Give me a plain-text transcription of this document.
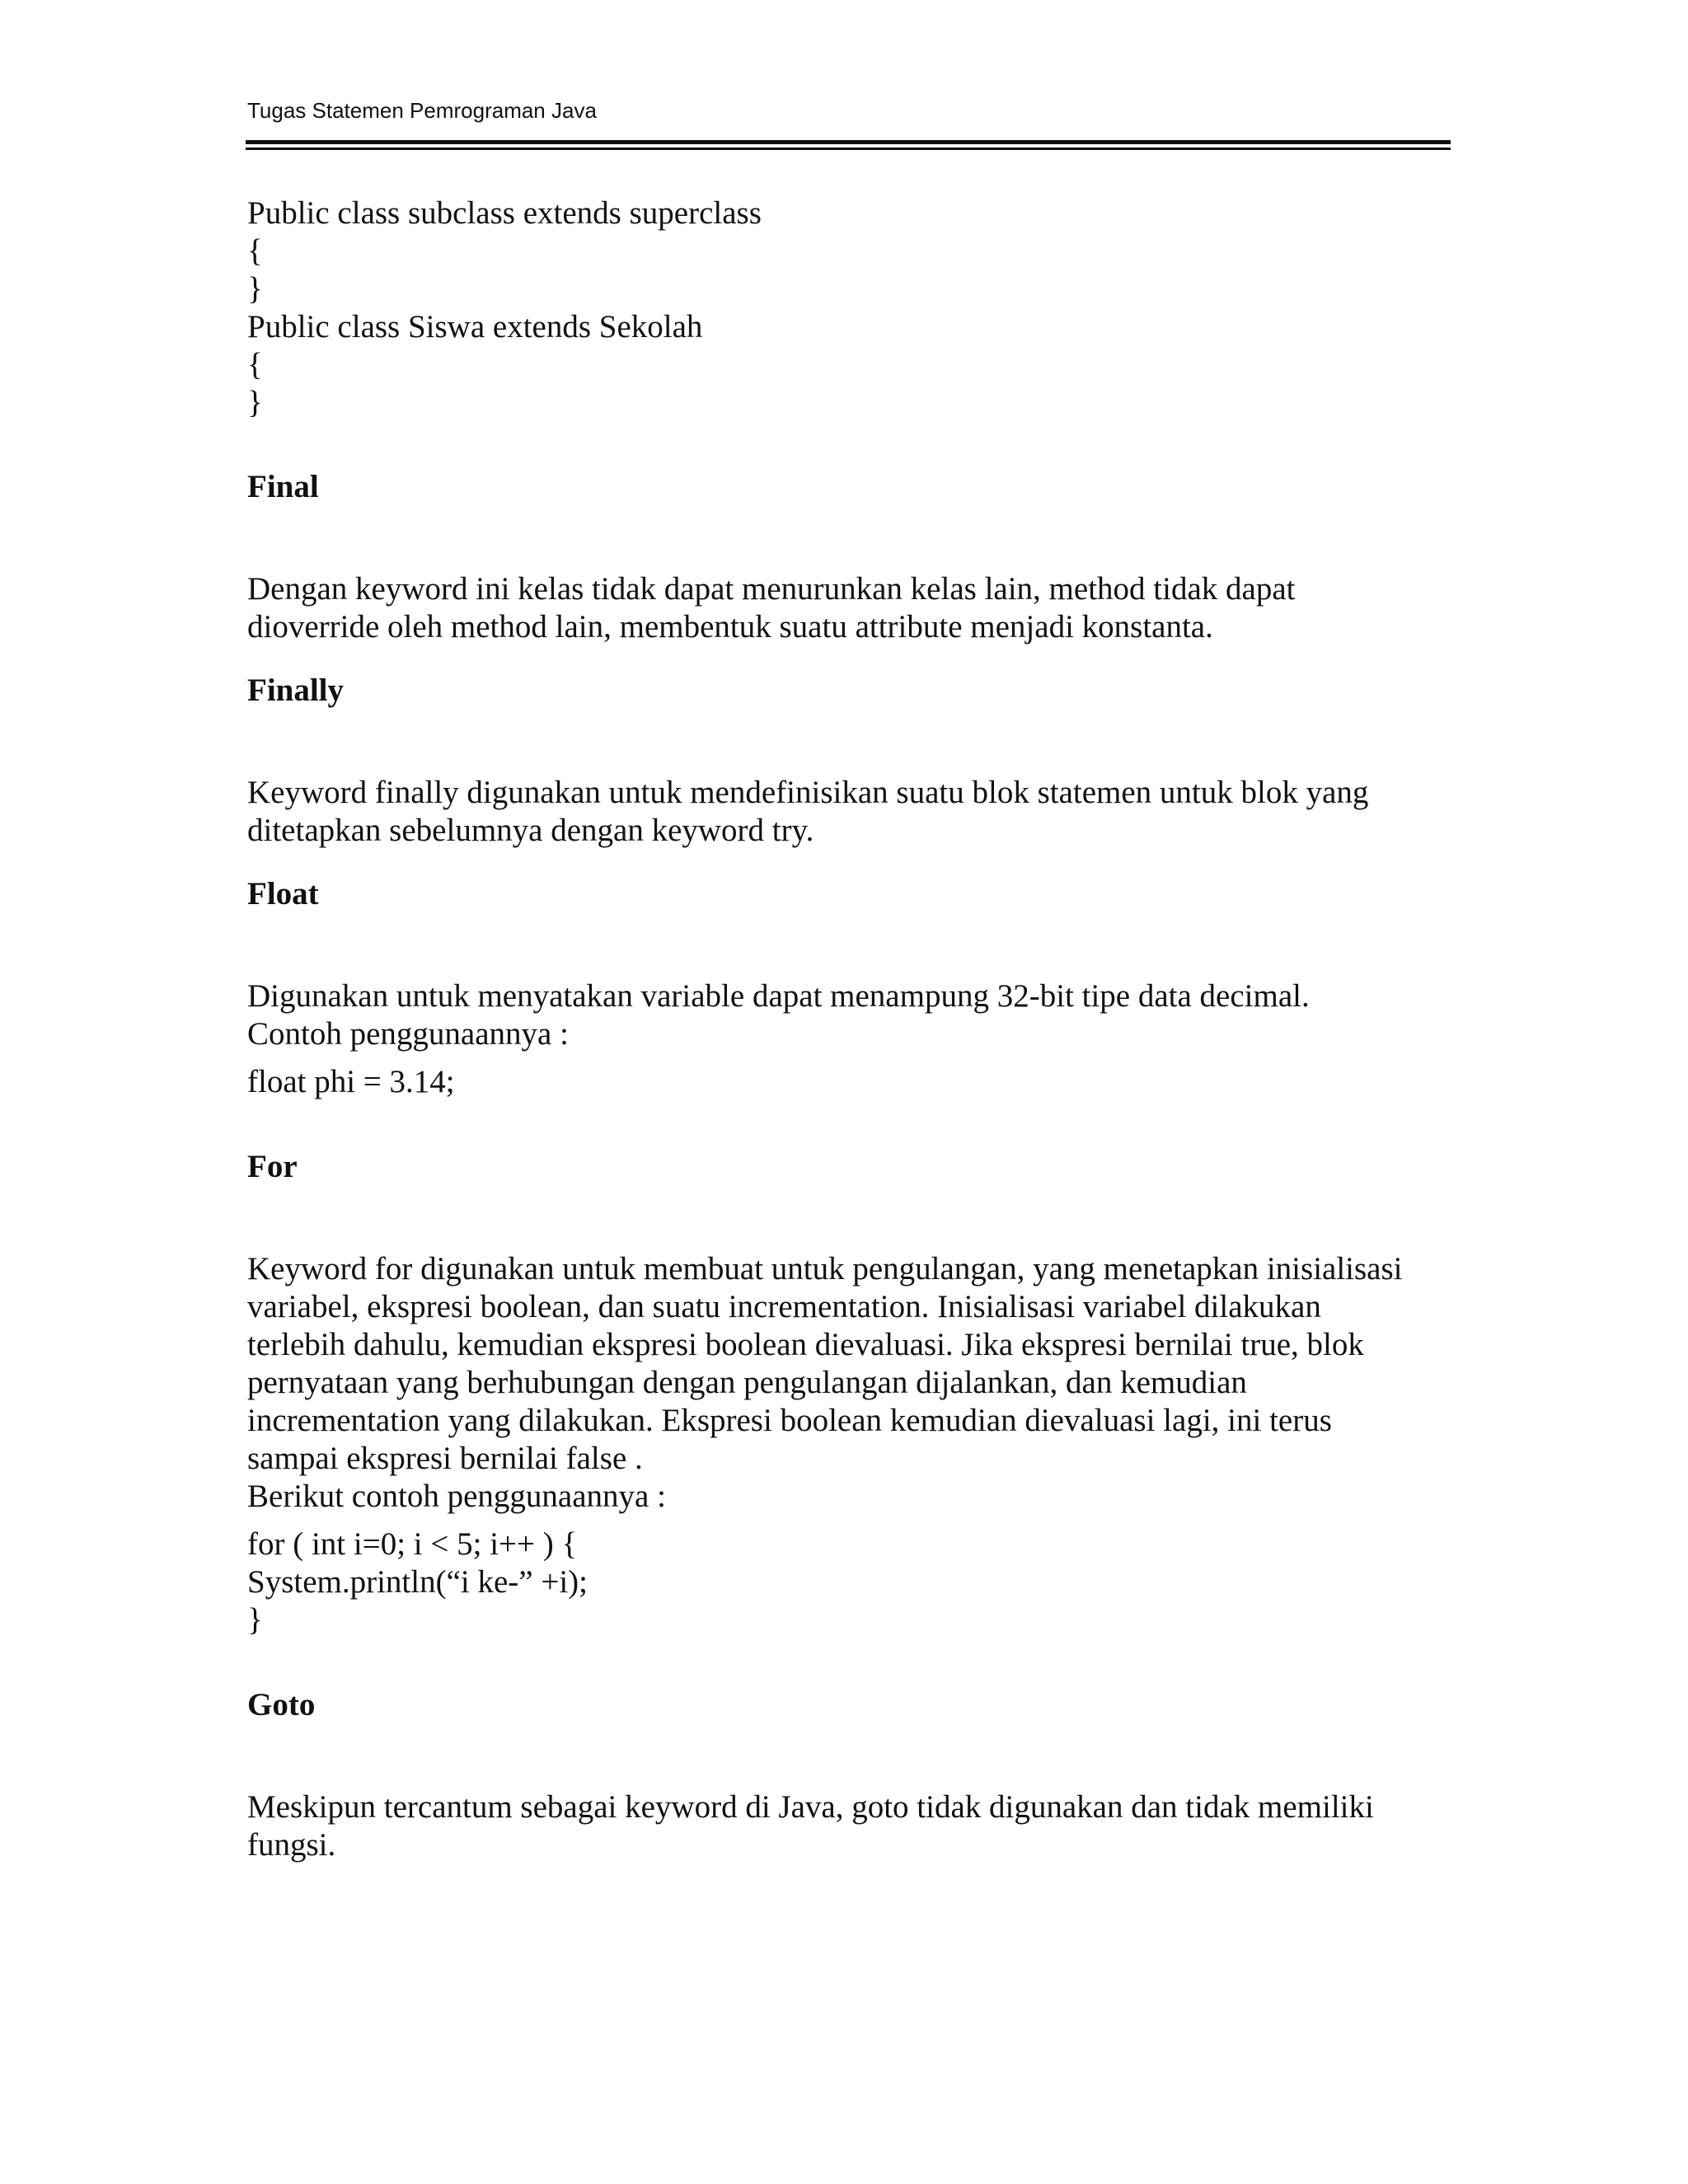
Tugas Statemen Pemrograman Java
Public class subclass extends superclass
{
}
Public class Siswa extends Sekolah
{
}
Final
Dengan keyword ini kelas tidak dapat menurunkan kelas lain, method tidak dapat
dioverride oleh method lain, membentuk suatu attribute menjadi konstanta.
Finally
Keyword finally digunakan untuk mendefinisikan suatu blok statemen untuk blok yang
ditetapkan sebelumnya dengan keyword try.
Float
Digunakan untuk menyatakan variable dapat menampung 32-bit tipe data decimal.
Contoh penggunaannya :
float phi = 3.14;
For
Keyword for digunakan untuk membuat untuk pengulangan, yang menetapkan inisialisasi
variabel, ekspresi boolean, dan suatu incrementation. Inisialisasi variabel dilakukan
terlebih dahulu, kemudian ekspresi boolean dievaluasi. Jika ekspresi bernilai true, blok
pernyataan yang berhubungan dengan pengulangan dijalankan, dan kemudian
incrementation yang dilakukan. Ekspresi boolean kemudian dievaluasi lagi, ini terus
sampai ekspresi bernilai false .
Berikut contoh penggunaannya :
for ( int i=0; i < 5; i++ ) {
System.println(“i ke-” +i);
}
Goto
Meskipun tercantum sebagai keyword di Java, goto tidak digunakan dan tidak memiliki
fungsi.
